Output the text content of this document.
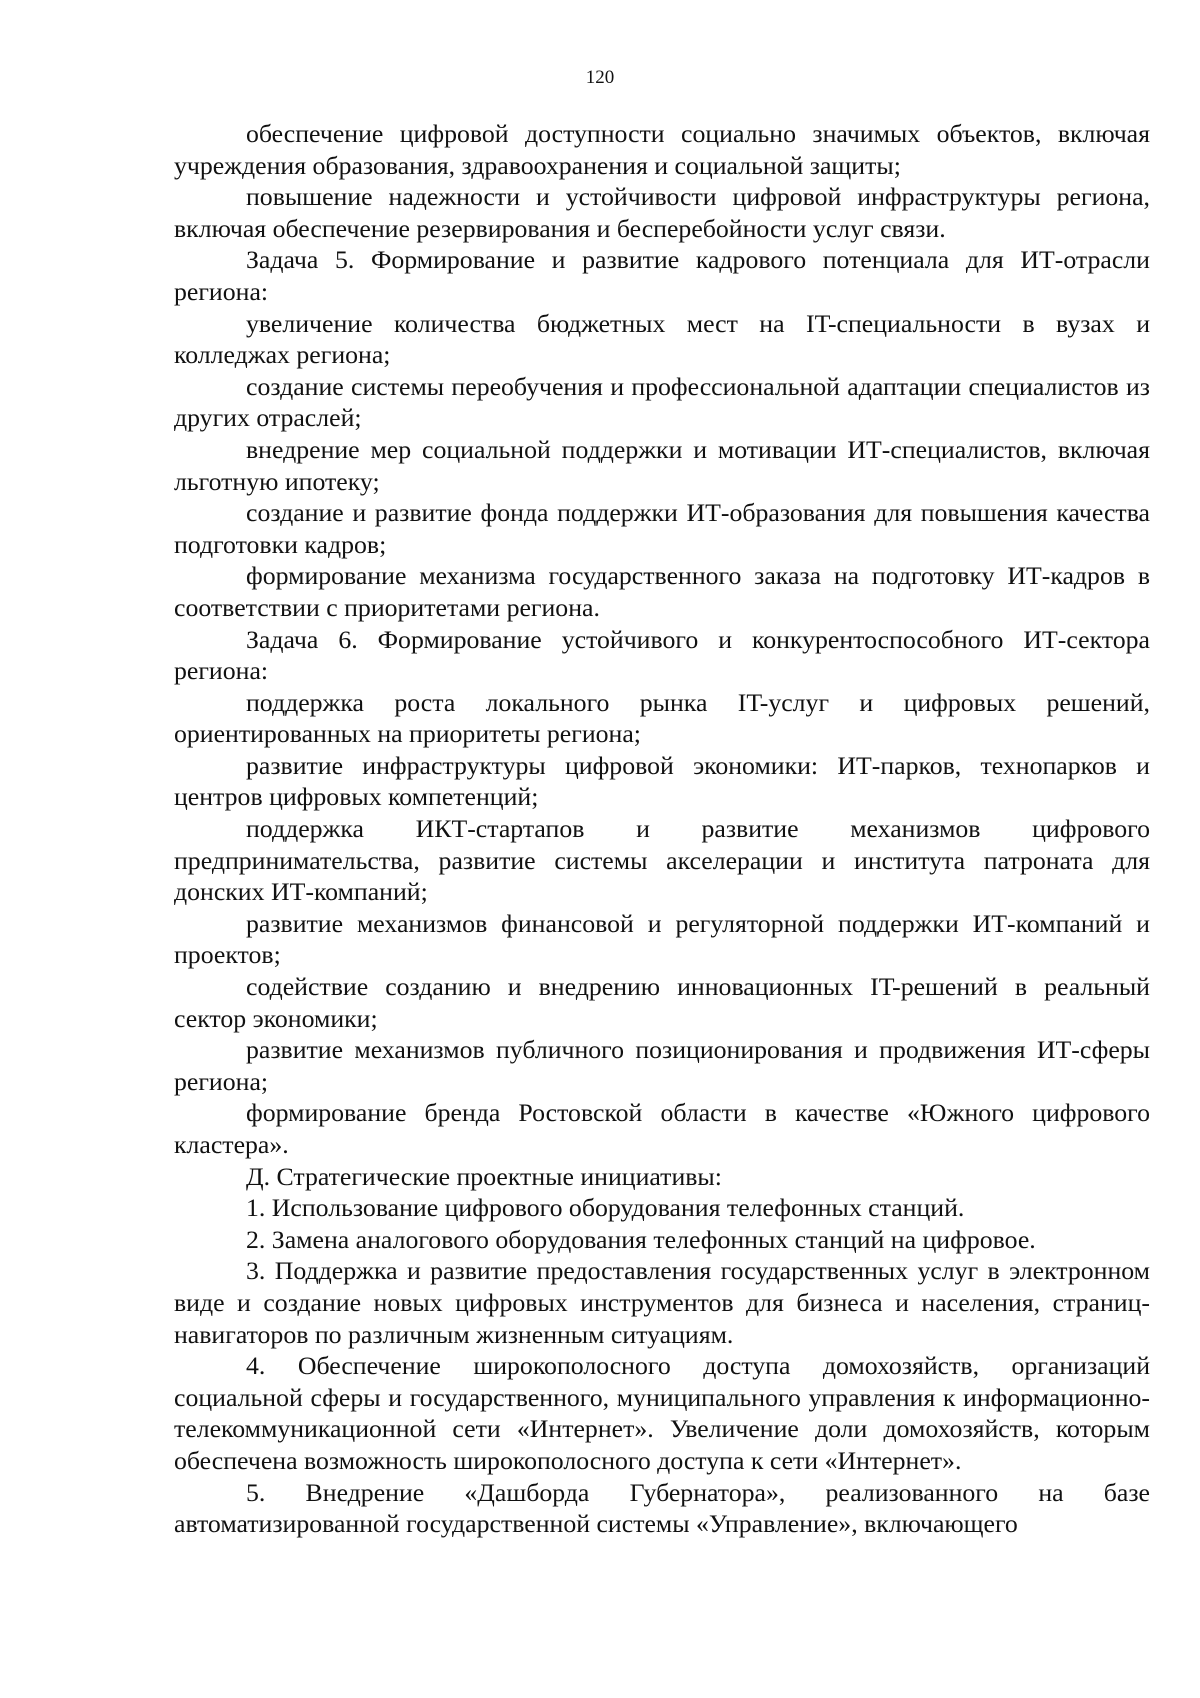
120

обеспечение цифровой доступности социально значимых объектов, включая учреждения образования, здравоохранения и социальной защиты;

повышение надежности и устойчивости цифровой инфраструктуры региона, включая обеспечение резервирования и бесперебойности услуг связи.

Задача 5. Формирование и развитие кадрового потенциала для ИТ-отрасли региона:

увеличение количества бюджетных мест на IT-специальности в вузах и колледжах региона;

создание системы переобучения и профессиональной адаптации специалистов из других отраслей;

внедрение мер социальной поддержки и мотивации ИТ-специалистов, включая льготную ипотеку;

создание и развитие фонда поддержки ИТ-образования для повышения качества подготовки кадров;

формирование механизма государственного заказа на подготовку ИТ-кадров в соответствии с приоритетами региона.

Задача 6. Формирование устойчивого и конкурентоспособного ИТ-сектора региона:

поддержка роста локального рынка IT-услуг и цифровых решений, ориентированных на приоритеты региона;

развитие инфраструктуры цифровой экономики: ИТ-парков, технопарков и центров цифровых компетенций;

поддержка ИКТ-стартапов и развитие механизмов цифрового предпринимательства, развитие системы акселерации и института патроната для донских ИТ-компаний;

развитие механизмов финансовой и регуляторной поддержки ИТ-компаний и проектов;

содействие созданию и внедрению инновационных IT-решений в реальный сектор экономики;

развитие механизмов публичного позиционирования и продвижения ИТ-сферы региона;

формирование бренда Ростовской области в качестве «Южного цифрового кластера».

Д. Стратегические проектные инициативы:

1. Использование цифрового оборудования телефонных станций.

2. Замена аналогового оборудования телефонных станций на цифровое.

3. Поддержка и развитие предоставления государственных услуг в электронном виде и создание новых цифровых инструментов для бизнеса и населения, страниц-навигаторов по различным жизненным ситуациям.

4. Обеспечение широкополосного доступа домохозяйств, организаций социальной сферы и государственного, муниципального управления к информационно-телекоммуникационной сети «Интернет». Увеличение доли домохозяйств, которым обеспечена возможность широкополосного доступа к сети «Интернет».

5. Внедрение «Дашборда Губернатора», реализованного на базе автоматизированной государственной системы «Управление», включающего
